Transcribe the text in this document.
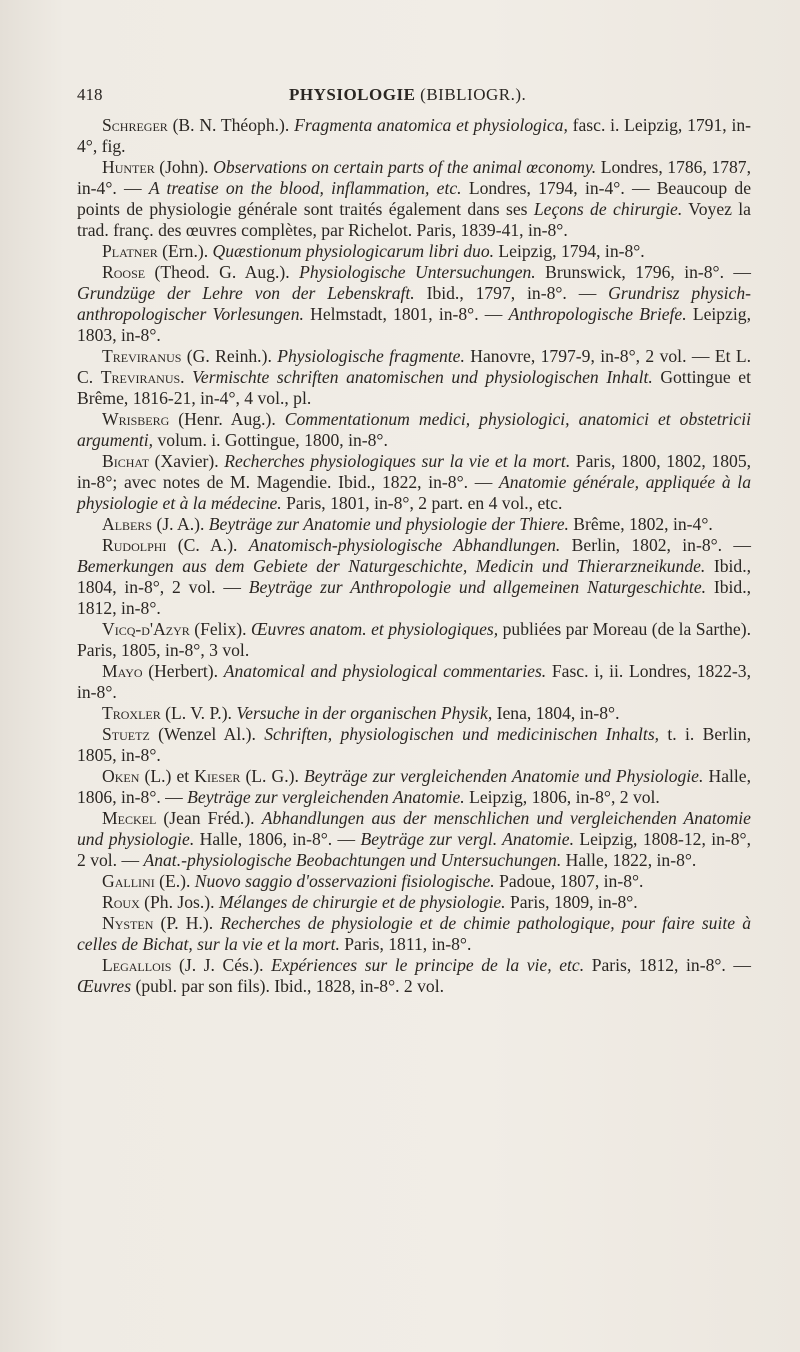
418	PHYSIOLOGIE (BIBLIOGR.).

Schreger (B. N. Théoph.). Fragmenta anatomica et physiologica, fasc. i. Leipzig, 1791, in-4°, fig.

Hunter (John). Observations on certain parts of the animal œconomy. Londres, 1786, 1787, in-4°. — A treatise on the blood, inflammation, etc. Londres, 1794, in-4°. — Beaucoup de points de physiologie générale sont traités également dans ses Leçons de chirurgie. Voyez la trad. franç. des œuvres complètes, par Richelot. Paris, 1839-41, in-8°.

Platner (Ern.). Quæstionum physiologicarum libri duo. Leipzig, 1794, in-8°.

Roose (Theod. G. Aug.). Physiologische Untersuchungen. Brunswick, 1796, in-8°. — Grundzüge der Lehre von der Lebenskraft. Ibid., 1797, in-8°. — Grundrisz physich-anthropologischer Vorlesungen. Helmstadt, 1801, in-8°. — Anthropologische Briefe. Leipzig, 1803, in-8°.

Treviranus (G. Reinh.). Physiologische fragmente. Hanovre, 1797-9, in-8°, 2 vol. — Et L. C. Treviranus. Vermischte schriften anatomischen und physiologischen Inhalt. Gottingue et Brême, 1816-21, in-4°, 4 vol., pl.

Wrisberg (Henr. Aug.). Commentationum medici, physiologici, anatomici et obstetricii argumenti, volum. i. Gottingue, 1800, in-8°.

Bichat (Xavier). Recherches physiologiques sur la vie et la mort. Paris, 1800, 1802, 1805, in-8°; avec notes de M. Magendie. Ibid., 1822, in-8°. — Anatomie générale, appliquée à la physiologie et à la médecine. Paris, 1801, in-8°, 2 part. en 4 vol., etc.

Albers (J. A.). Beyträge zur Anatomie und physiologie der Thiere. Brême, 1802, in-4°.

Rudolphi (C. A.). Anatomisch-physiologische Abhandlungen. Berlin, 1802, in-8°. — Bemerkungen aus dem Gebiete der Naturgeschichte, Medicin und Thierarzneikunde. Ibid., 1804, in-8°, 2 vol. — Beyträge zur Anthropologie und allgemeinen Naturgeschichte. Ibid., 1812, in-8°.

Vicq-d'Azyr (Felix). Œuvres anatom. et physiologiques, publiées par Moreau (de la Sarthe). Paris, 1805, in-8°, 3 vol.

Mayo (Herbert). Anatomical and physiological commentaries. Fasc. i, ii. Londres, 1822-3, in-8°.

Troxler (L. V. P.). Versuche in der organischen Physik, Iena, 1804, in-8°.

Stuetz (Wenzel Al.). Schriften, physiologischen und medicinischen Inhalts, t. i. Berlin, 1805, in-8°.

Oken (L.) et Kieser (L. G.). Beyträge zur vergleichenden Anatomie und Physiologie. Halle, 1806, in-8°. — Beyträge zur vergleichenden Anatomie. Leipzig, 1806, in-8°, 2 vol.

Meckel (Jean Fréd.). Abhandlungen aus der menschlichen und vergleichenden Anatomie und physiologie. Halle, 1806, in-8°. — Beyträge zur vergl. Anatomie. Leipzig, 1808-12, in-8°, 2 vol. — Anat.-physiologische Beobachtungen und Untersuchungen. Halle, 1822, in-8°.

Gallini (E.). Nuovo saggio d'osservazioni fisiologische. Padoue, 1807, in-8°.

Roux (Ph. Jos.). Mélanges de chirurgie et de physiologie. Paris, 1809, in-8°.

Nysten (P. H.). Recherches de physiologie et de chimie pathologique, pour faire suite à celles de Bichat, sur la vie et la mort. Paris, 1811, in-8°.

Legallois (J. J. Cés.). Expériences sur le principe de la vie, etc. Paris, 1812, in-8°. — Œuvres (publ. par son fils). Ibid., 1828, in-8°. 2 vol.
